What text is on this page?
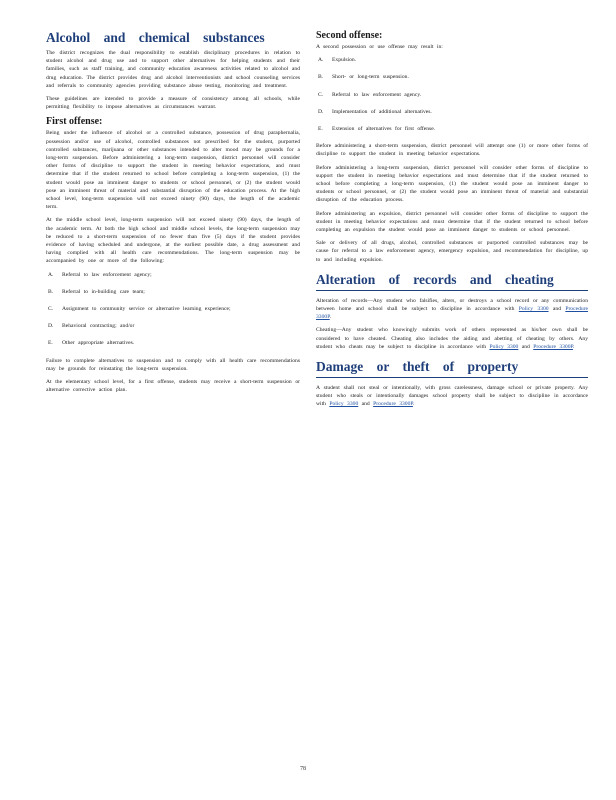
Alcohol and chemical substances

The district recognizes the dual responsibility to establish disciplinary procedures in relation to student alcohol and drug use and to support other alternatives for helping students and their families, such as staff training, and community education awareness activities related to alcohol and drug education. The district provides drug and alcohol interventionists and school counseling services and referrals to community agencies providing substance abuse testing, monitoring and treatment.

These guidelines are intended to provide a measure of consistency among all schools, while permitting flexibility to impose alternatives as circumstances warrant.

First offense:

Being under the influence of alcohol or a controlled substance, possession of drug paraphernalia, possession and/or use of alcohol, controlled substances not prescribed for the student, purported controlled substances, marijuana or other substances intended to alter mood may be grounds for a long-term suspension. Before administering a long-term suspension, district personnel will consider other forms of discipline to support the student in meeting behavior expectations, and must determine that if the student returned to school before completing a long-term suspension, (1) the student would pose an imminent danger to students or school personnel, or (2) the student would pose an imminent threat of material and substantial disruption of the education process. At the high school level, long-term suspension will not exceed ninety (90) days, the length of the academic term.

At the middle school level, long-term suspension will not exceed ninety (90) days, the length of the academic term. At both the high school and middle school levels, the long-term suspension may be reduced to a short-term suspension of no fewer than five (5) days if the student provides evidence of having scheduled and undergone, at the earliest possible date, a drug assessment and having complied with all health care recommendations. The long-term suspension may be accompanied by one or more of the following:

A. Referral to law enforcement agency;
B. Referral to in-building care team;
C. Assignment to community service or alternative learning experience;
D. Behavioral contracting; and/or
E. Other appropriate alternatives.

Failure to complete alternatives to suspension and to comply with all health care recommendations may be grounds for reinstating the long-term suspension.

At the elementary school level, for a first offense, students may receive a short-term suspension or alternative corrective action plan.

Second offense:

A second possession or use offense may result in:

A. Expulsion.
B. Short- or long-term suspension.
C. Referral to law enforcement agency.
D. Implementation of additional alternatives.
E. Extension of alternatives for first offense.

Before administering a short-term suspension, district personnel will attempt one (1) or more other forms of discipline to support the student in meeting behavior expectations.

Before administering a long-term suspension, district personnel will consider other forms of discipline to support the student in meeting behavior expectations and must determine that if the student returned to school before completing a long-term suspension, (1) the student would pose an imminent danger to students or school personnel, or (2) the student would pose an imminent threat of material and substantial disruption of the education process.

Before administering an expulsion, district personnel will consider other forms of discipline to support the student in meeting behavior expectations and must determine that if the student returned to school before completing an expulsion the student would pose an imminent danger to students or school personnel.

Sale or delivery of all drugs, alcohol, controlled substances or purported controlled substances may be cause for referral to a law enforcement agency, emergency expulsion, and recommendation for discipline, up to and including expulsion.

Alteration of records and cheating

Alteration of records—Any student who falsifies, alters, or destroys a school record or any communication between home and school shall be subject to discipline in accordance with Policy 3300 and Procedure 3300P.

Cheating—Any student who knowingly submits work of others represented as his/her own shall be considered to have cheated. Cheating also includes the aiding and abetting of cheating by others. Any student who cheats may be subject to discipline in accordance with Policy 3300 and Procedure 3300P.

Damage or theft of property

A student shall not steal or intentionally, with gross carelessness, damage school or private property. Any student who steals or intentionally damages school property shall be subject to discipline in accordance with Policy 3300 and Procedure 3300P.

78
